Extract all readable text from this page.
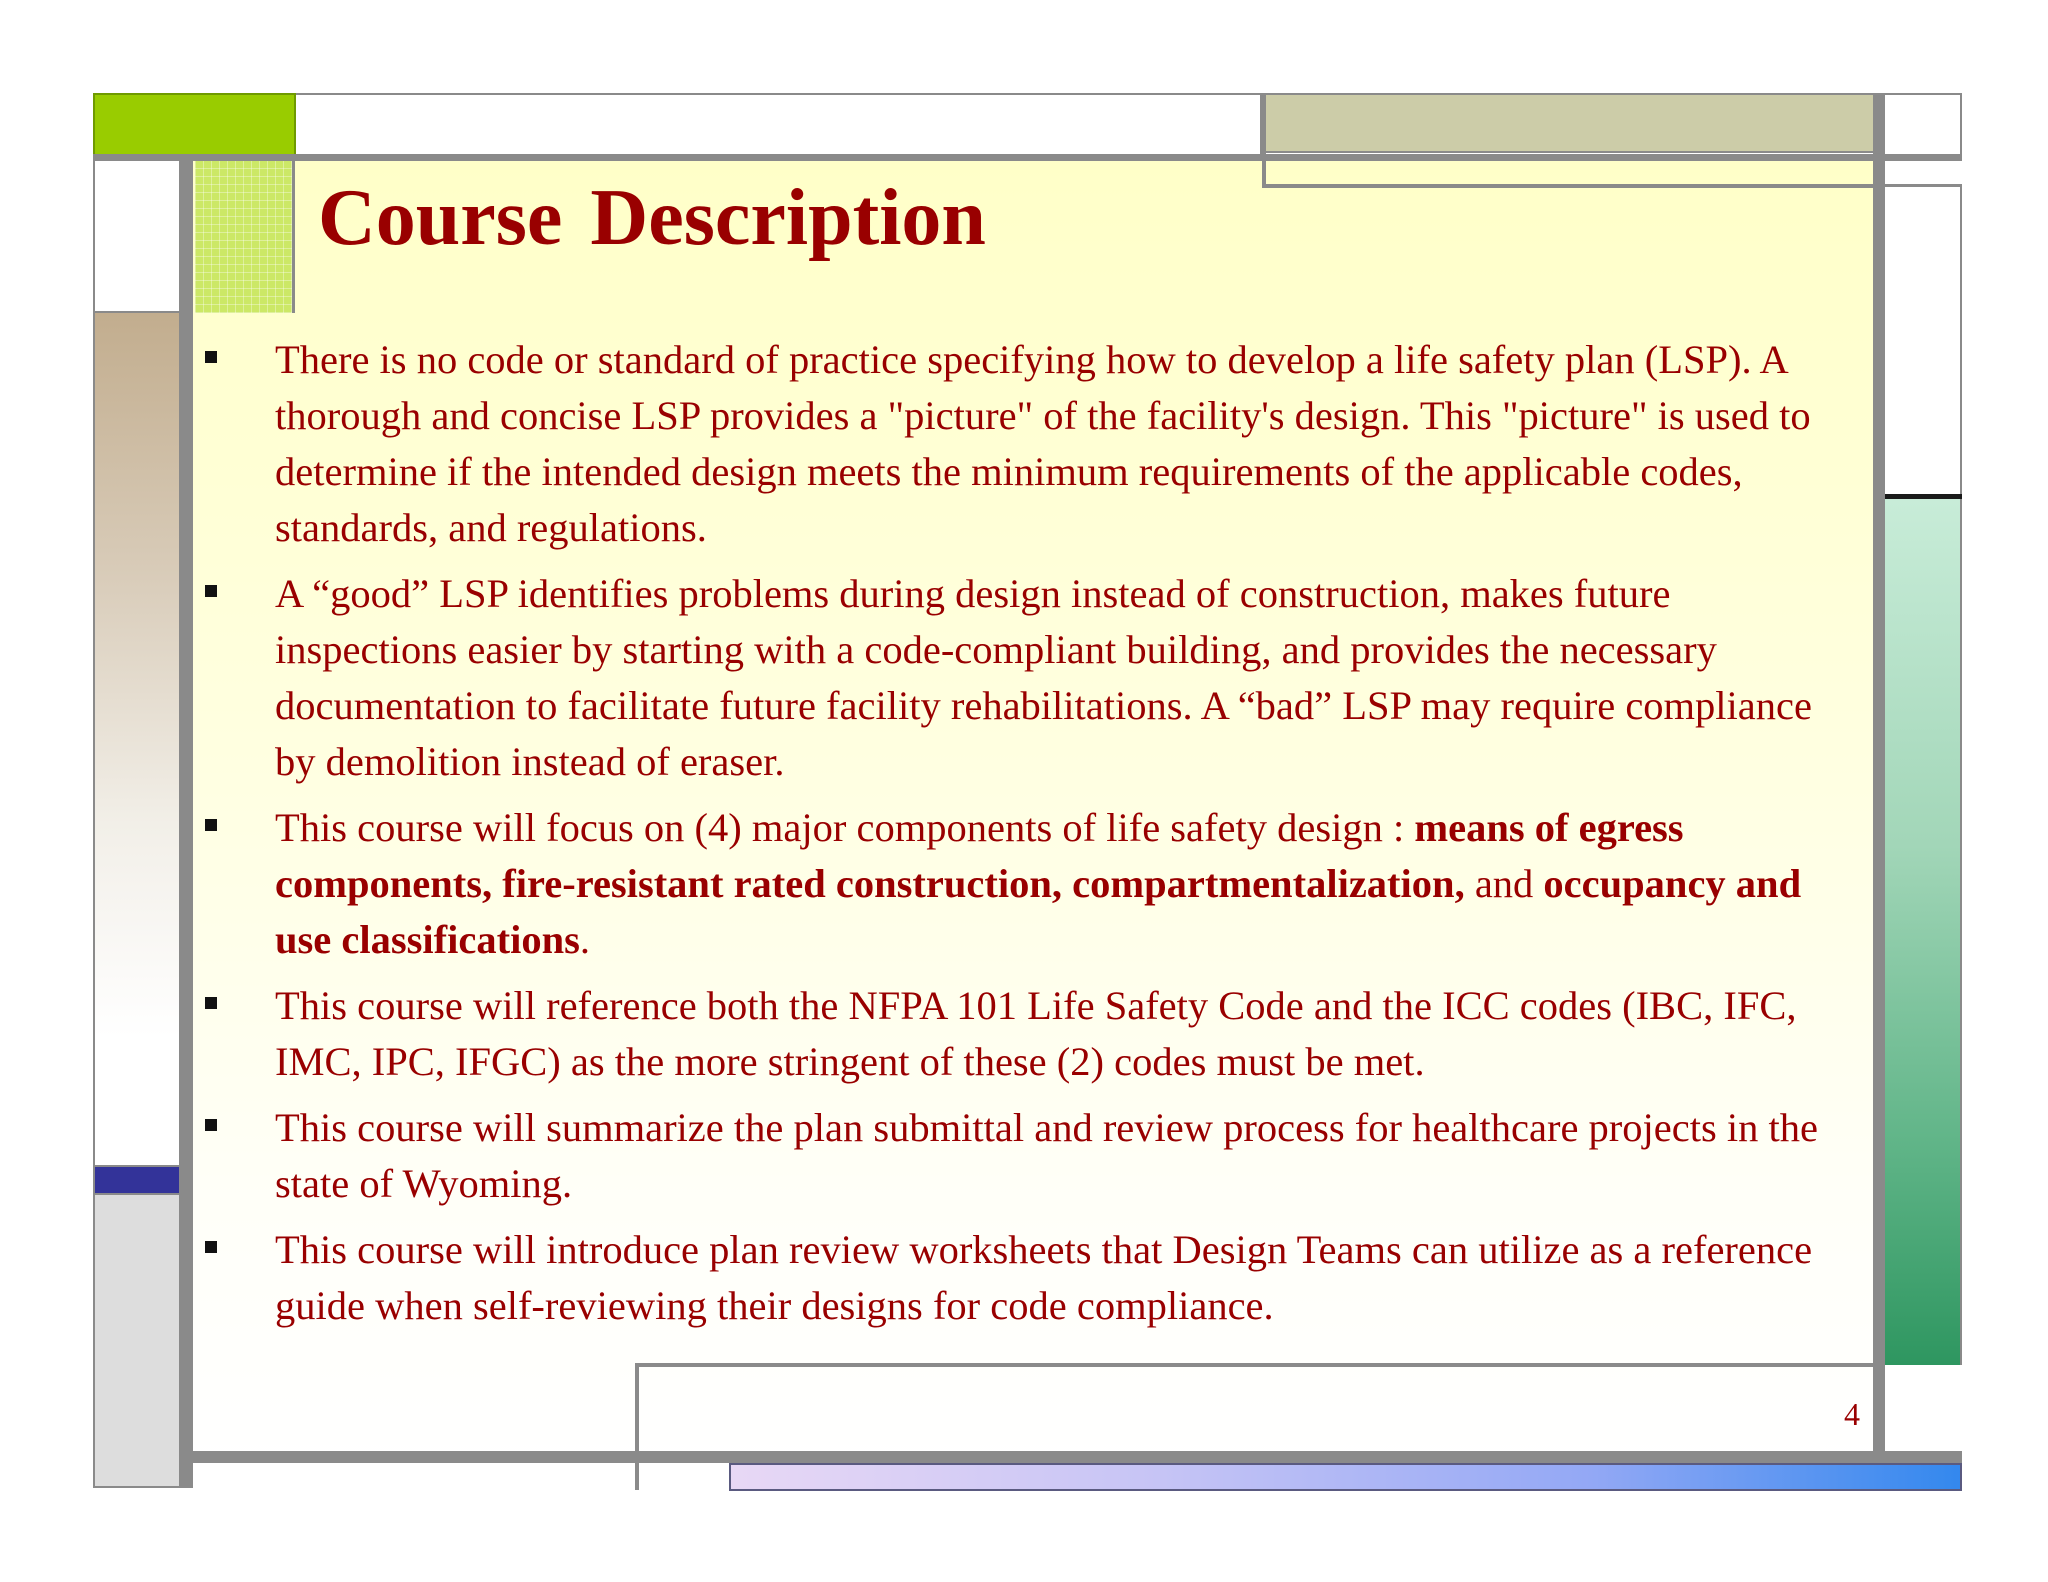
Course Description
There is no code or standard of practice specifying how to develop a life safety plan (LSP). A thorough and concise LSP provides a "picture" of the facility's design. This "picture" is used to determine if the intended design meets the minimum requirements of the applicable codes, standards, and regulations.
A “good” LSP identifies problems during design instead of construction, makes future inspections easier by starting with a code-compliant building, and provides the necessary documentation to facilitate future facility rehabilitations. A “bad” LSP may require compliance by demolition instead of eraser.
This course will focus on (4) major components of life safety design : means of egress components, fire-resistant rated construction, compartmentalization, and occupancy and use classifications.
This course will reference both the NFPA 101 Life Safety Code and the ICC codes (IBC, IFC, IMC, IPC, IFGC) as the more stringent of these (2) codes must be met.
This course will summarize the plan submittal and review process for healthcare projects in the state of Wyoming.
This course will introduce plan review worksheets that Design Teams can utilize as a reference guide when self-reviewing their designs for code compliance.
4
